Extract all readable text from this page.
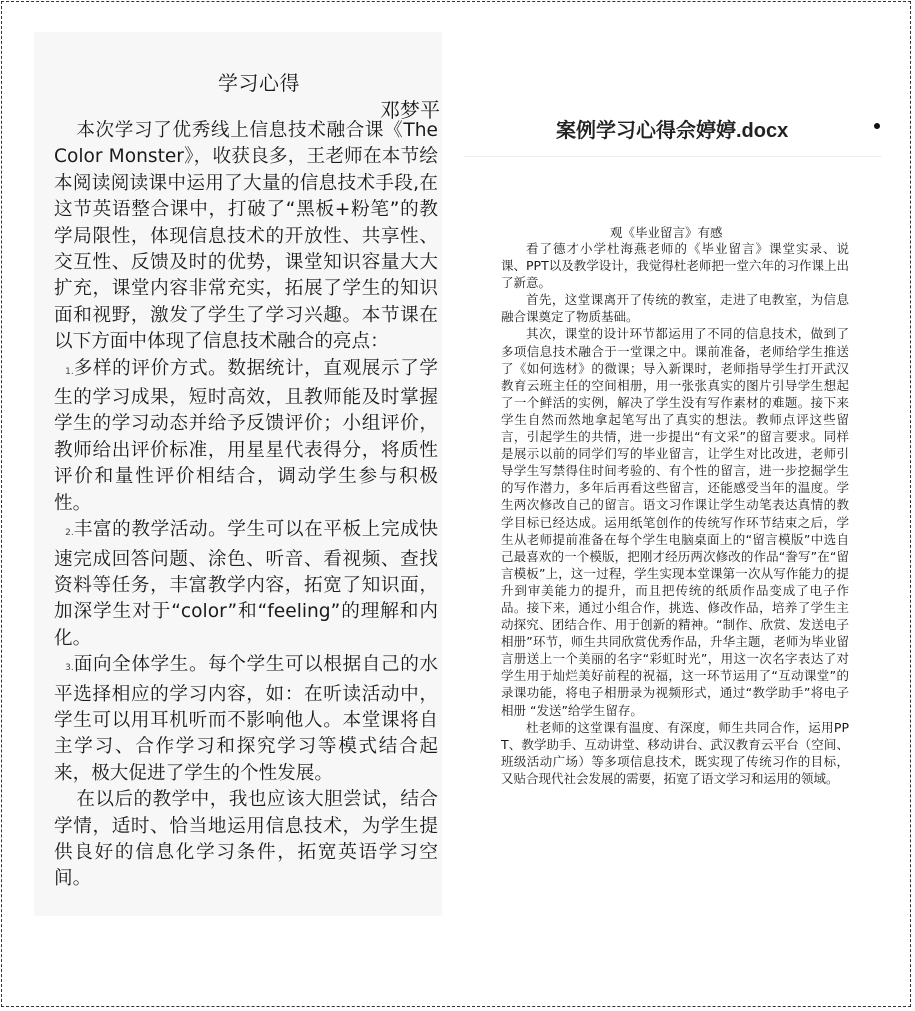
学习心得
邓梦平

本次学习了优秀线上信息技术融合课《The Color Monster》，收获良多，王老师在本节绘本阅读阅读课中运用了大量的信息技术手段,在这节英语整合课中，打破了“黑板+粉笔”的教学局限性，体现信息技术的开放性、共享性、交互性、反馈及时的优势，课堂知识容量大大扩充，课堂内容非常充实，拓展了学生的知识面和视野，激发了学生了学习兴趣。本节课在以下方面中体现了信息技术融合的亮点：

1.多样的评价方式。数据统计，直观展示了学生的学习成果，短时高效，且教师能及时掌握学生的学习动态并给予反馈评价；小组评价，教师给出评价标准，用星星代表得分，将质性评价和量性评价相结合，调动学生参与积极性。

2.丰富的教学活动。学生可以在平板上完成快速完成回答问题、涂色、听音、看视频、查找资料等任务，丰富教学内容，拓宽了知识面，加深学生对于“color”和“feeling”的理解和内化。

3.面向全体学生。每个学生可以根据自己的水平选择相应的学习内容，如：在听读活动中，学生可以用耳机听而不影响他人。本堂课将自主学习、合作学习和探究学习等模式结合起来，极大促进了学生的个性发展。

在以后的教学中，我也应该大胆尝试，结合学情，适时、恰当地运用信息技术，为学生提供良好的信息化学习条件，拓宽英语学习空间。

案例学习心得佘婷婷.docx
观《毕业留言》有感

看了德才小学杜海燕老师的《毕业留言》课堂实录、说课、PPT以及教学设计，我觉得杜老师把一堂六年的习作课上出了新意。

首先，这堂课离开了传统的教室，走进了电教室，为信息融合课奠定了物质基础。

其次，课堂的设计环节都运用了不同的信息技术，做到了多项信息技术融合于一堂课之中。课前准备，老师给学生推送了《如何选材》的微课；导入新课时，老师指导学生打开武汉教育云班主任的空间相册，用一张张真实的图片引导学生想起了一个鲜活的实例，解决了学生没有写作素材的难题。接下来学生自然而然地拿起笔写出了真实的想法。教师点评这些留言，引起学生的共情，进一步提出“有文采”的留言要求。同样是展示以前的同学们写的毕业留言，让学生对比改进，老师引导学生写禁得住时间考验的、有个性的留言，进一步挖掘学生的写作潜力，多年后再看这些留言，还能感受当年的温度。学生两次修改自己的留言。语文习作课让学生动笔表达真情的教学目标已经达成。运用纸笔创作的传统写作环节结束之后，学生从老师提前准备在每个学生电脑桌面上的“留言模版”中选自己最喜欢的一个模版，把刚才经历两次修改的作品“誊写”在“留言模板”上，这一过程，学生实现本堂课第一次从写作能力的提升到审美能力的提升，而且把传统的纸质作品变成了电子作品。接下来，通过小组合作，挑选、修改作品，培养了学生主动探究、团结合作、用于创新的精神。“制作、欣赏、发送电子相册”环节，师生共同欣赏优秀作品，升华主题，老师为毕业留言册送上一个美丽的名字“彩虹时光”，用这一次名字表达了对学生用于灿烂美好前程的祝福，这一环节运用了“互动课堂”的录课功能，将电子相册录为视频形式，通过“教学助手”将电子相册 “发送”给学生留存。

杜老师的这堂课有温度、有深度，师生共同合作，运用PPT、教学助手、互动讲堂、移动讲台、武汉教育云平台（空间、班级活动广场）等多项信息技术，既实现了传统习作的目标，又贴合现代社会发展的需要，拓宽了语文学习和运用的领域。
